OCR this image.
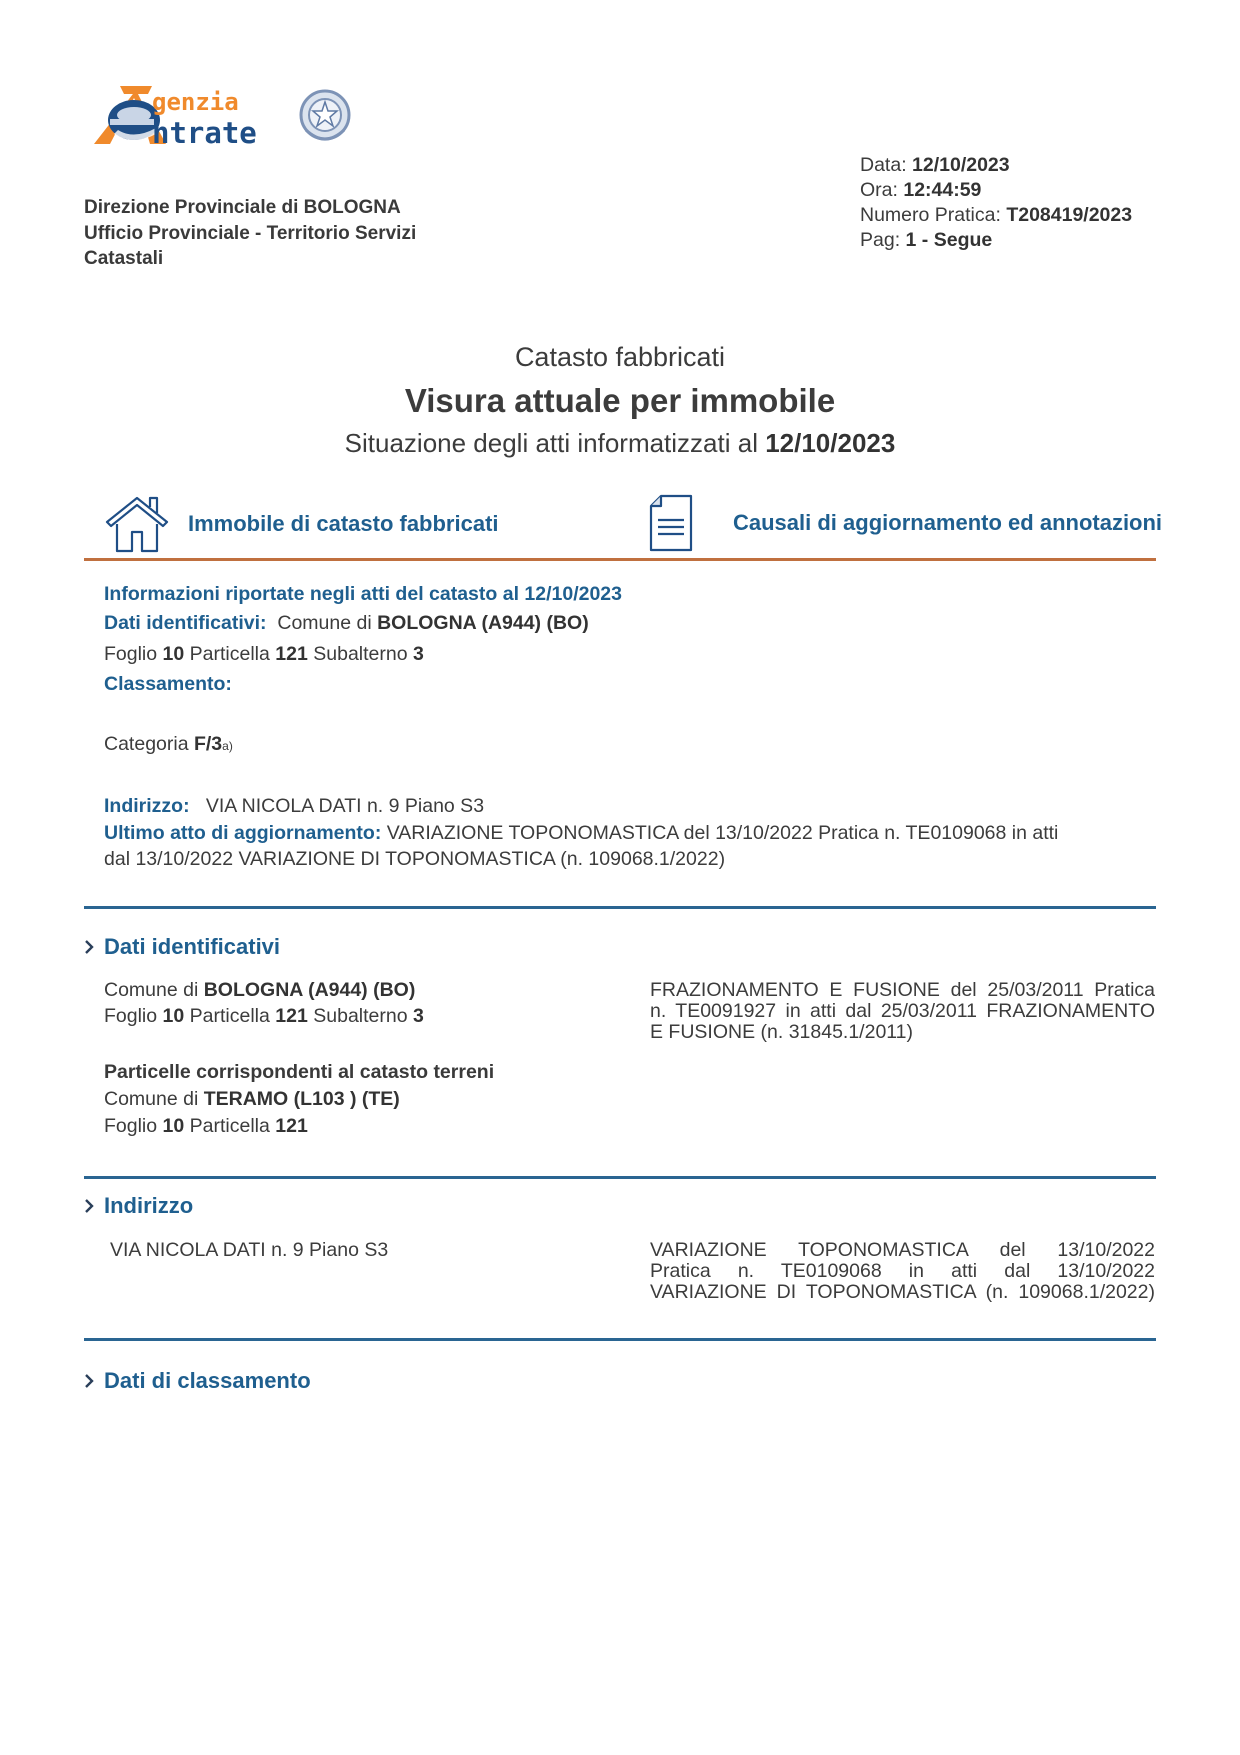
genzia
ntrate
Direzione Provinciale di BOLOGNA
Ufficio Provinciale - Territorio Servizi
Catastali
Data: 12/10/2023
Ora: 12:44:59
Numero Pratica: T208419/2023
Pag: 1 - Segue
Catasto fabbricati
Visura attuale per immobile
Situazione degli atti informatizzati al 12/10/2023
Immobile di catasto fabbricati	Causali di aggiornamento ed annotazioni
Informazioni riportate negli atti del catasto al 12/10/2023
Dati identificativi: Comune di BOLOGNA (A944) (BO)
Foglio 10 Particella 121 Subalterno 3
Classamento:
Categoria F/3a)
Indirizzo: VIA NICOLA DATI n. 9 Piano S3
Ultimo atto di aggiornamento: VARIAZIONE TOPONOMASTICA del 13/10/2022 Pratica n. TE0109068 in atti
dal 13/10/2022 VARIAZIONE DI TOPONOMASTICA (n. 109068.1/2022)
Dati identificativi
Comune di BOLOGNA (A944) (BO)
Foglio 10 Particella 121 Subalterno 3
FRAZIONAMENTO E FUSIONE del 25/03/2011 Pratica
n. TE0091927 in atti dal 25/03/2011 FRAZIONAMENTO
E FUSIONE (n. 31845.1/2011)
Particelle corrispondenti al catasto terreni
Comune di TERAMO (L103 ) (TE)
Foglio 10 Particella 121
Indirizzo
VIA NICOLA DATI n. 9 Piano S3	VARIAZIONE TOPONOMASTICA del 13/10/2022
Pratica n. TE0109068 in atti dal 13/10/2022
VARIAZIONE DI TOPONOMASTICA (n. 109068.1/2022)
Dati di classamento
